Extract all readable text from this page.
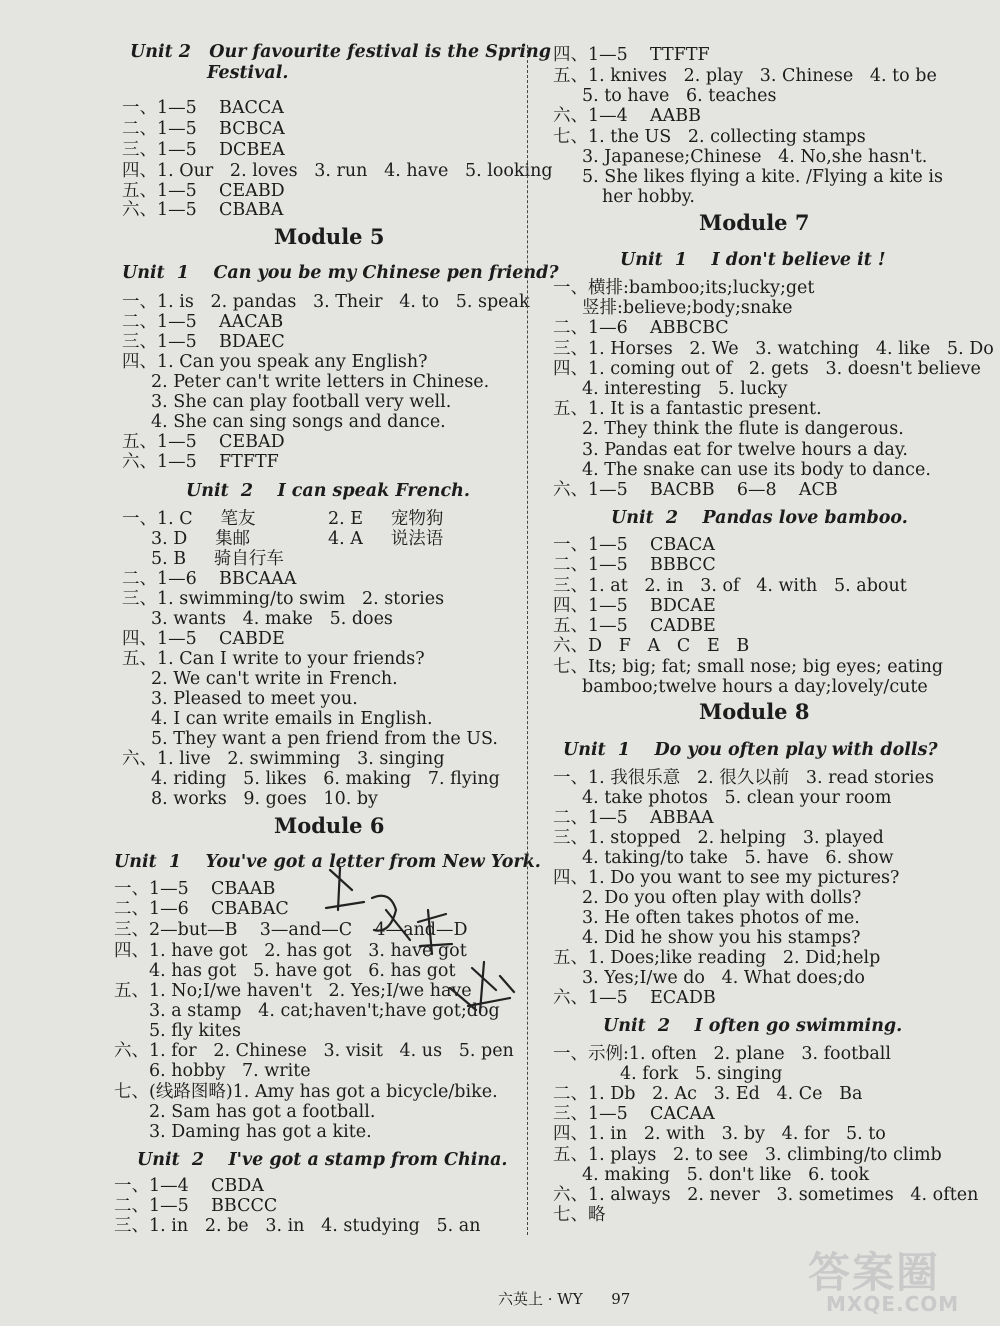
Unit 2   Our favourite festival is the Spring
Festival.
一、1—5    BACCA
二、1—5    BCBCA
三、1—5    DCBEA
四、1. Our   2. loves   3. run   4. have   5. looking
五、1—5    CEABD
六、1—5    CBABA
Module 5
Unit  1    Can you be my Chinese pen friend?
一、1. is   2. pandas   3. Their   4. to   5. speak
二、1—5    AACAB
三、1—5    BDAEC
四、1. Can you speak any English?
2. Peter can't write letters in Chinese.
3. She can play football very well.
4. She can sing songs and dance.
五、1—5    CEBAD
六、1—5    FTFTF
Unit  2    I can speak French.
一、1. C     笔友	2. E     宠物狗
3. D     集邮	4. A     说法语
5. B     骑自行车
二、1—6    BBCAAA
三、1. swimming/to swim   2. stories
3. wants   4. make   5. does
四、1—5    CABDE
五、1. Can I write to your friends?
2. We can't write in French.
3. Pleased to meet you.
4. I can write emails in English.
5. They want a pen friend from the US.
六、1. live   2. swimming   3. singing
4. riding   5. likes   6. making   7. flying
8. works   9. goes   10. by
Module 6
Unit  1    You've got a letter from New York.
一、1—5    CBAAB
二、1—6    CBABAC
三、2—but—B    3—and—C    4—and—D
四、1. have got   2. has got   3. have got
4. has got   5. have got   6. has got
五、1. No;I/we haven't   2. Yes;I/we have
3. a stamp   4. cat;haven't;have got;dog
5. fly kites
六、1. for   2. Chinese   3. visit   4. us   5. pen
6. hobby   7. write
七、(线路图略)1. Amy has got a bicycle/bike.
2. Sam has got a football.
3. Daming has got a kite.
Unit  2    I've got a stamp from China.
一、1—4    CBDA
二、1—5    BBCCC
三、1. in   2. be   3. in   4. studying   5. an
四、1—5    TTFTF
五、1. knives   2. play   3. Chinese   4. to be
5. to have   6. teaches
六、1—4    AABB
七、1. the US   2. collecting stamps
3. Japanese;Chinese   4. No,she hasn't.
5. She likes flying a kite. /Flying a kite is
her hobby.
Module 7
Unit  1    I don't believe it !
一、横排:bamboo;its;lucky;get
竖排:believe;body;snake
二、1—6    ABBCBC
三、1. Horses   2. We   3. watching   4. like   5. Do
四、1. coming out of   2. gets   3. doesn't believe
4. interesting   5. lucky
五、1. It is a fantastic present.
2. They think the flute is dangerous.
3. Pandas eat for twelve hours a day.
4. The snake can use its body to dance.
六、1—5    BACBB    6—8    ACB
Unit  2    Pandas love bamboo.
一、1—5    CBACA
二、1—5    BBBCC
三、1. at   2. in   3. of   4. with   5. about
四、1—5    BDCAE
五、1—5    CADBE
六、D   F   A   C   E   B
七、Its; big; fat; small nose; big eyes; eating
bamboo;twelve hours a day;lovely/cute
Module 8
Unit  1    Do you often play with dolls?
一、1. 我很乐意   2. 很久以前   3. read stories
4. take photos   5. clean your room
二、1—5    ABBAA
三、1. stopped   2. helping   3. played
4. taking/to take   5. have   6. show
四、1. Do you want to see my pictures?
2. Do you often play with dolls?
3. He often takes photos of me.
4. Did he show you his stamps?
五、1. Does;like reading   2. Did;help
3. Yes;I/we do   4. What does;do
六、1—5    ECADB
Unit  2    I often go swimming.
一、示例:1. often   2. plane   3. football
4. fork   5. singing
二、1. Db   2. Ac   3. Ed   4. Ce   Ba
三、1—5    CACAA
四、1. in   2. with   3. by   4. for   5. to
五、1. plays   2. to see   3. climbing/to climb
4. making   5. don't like   6. took
六、1. always   2. never   3. sometimes   4. often
七、略
六英上 · WY      97
答案圈
MXQE.COM
